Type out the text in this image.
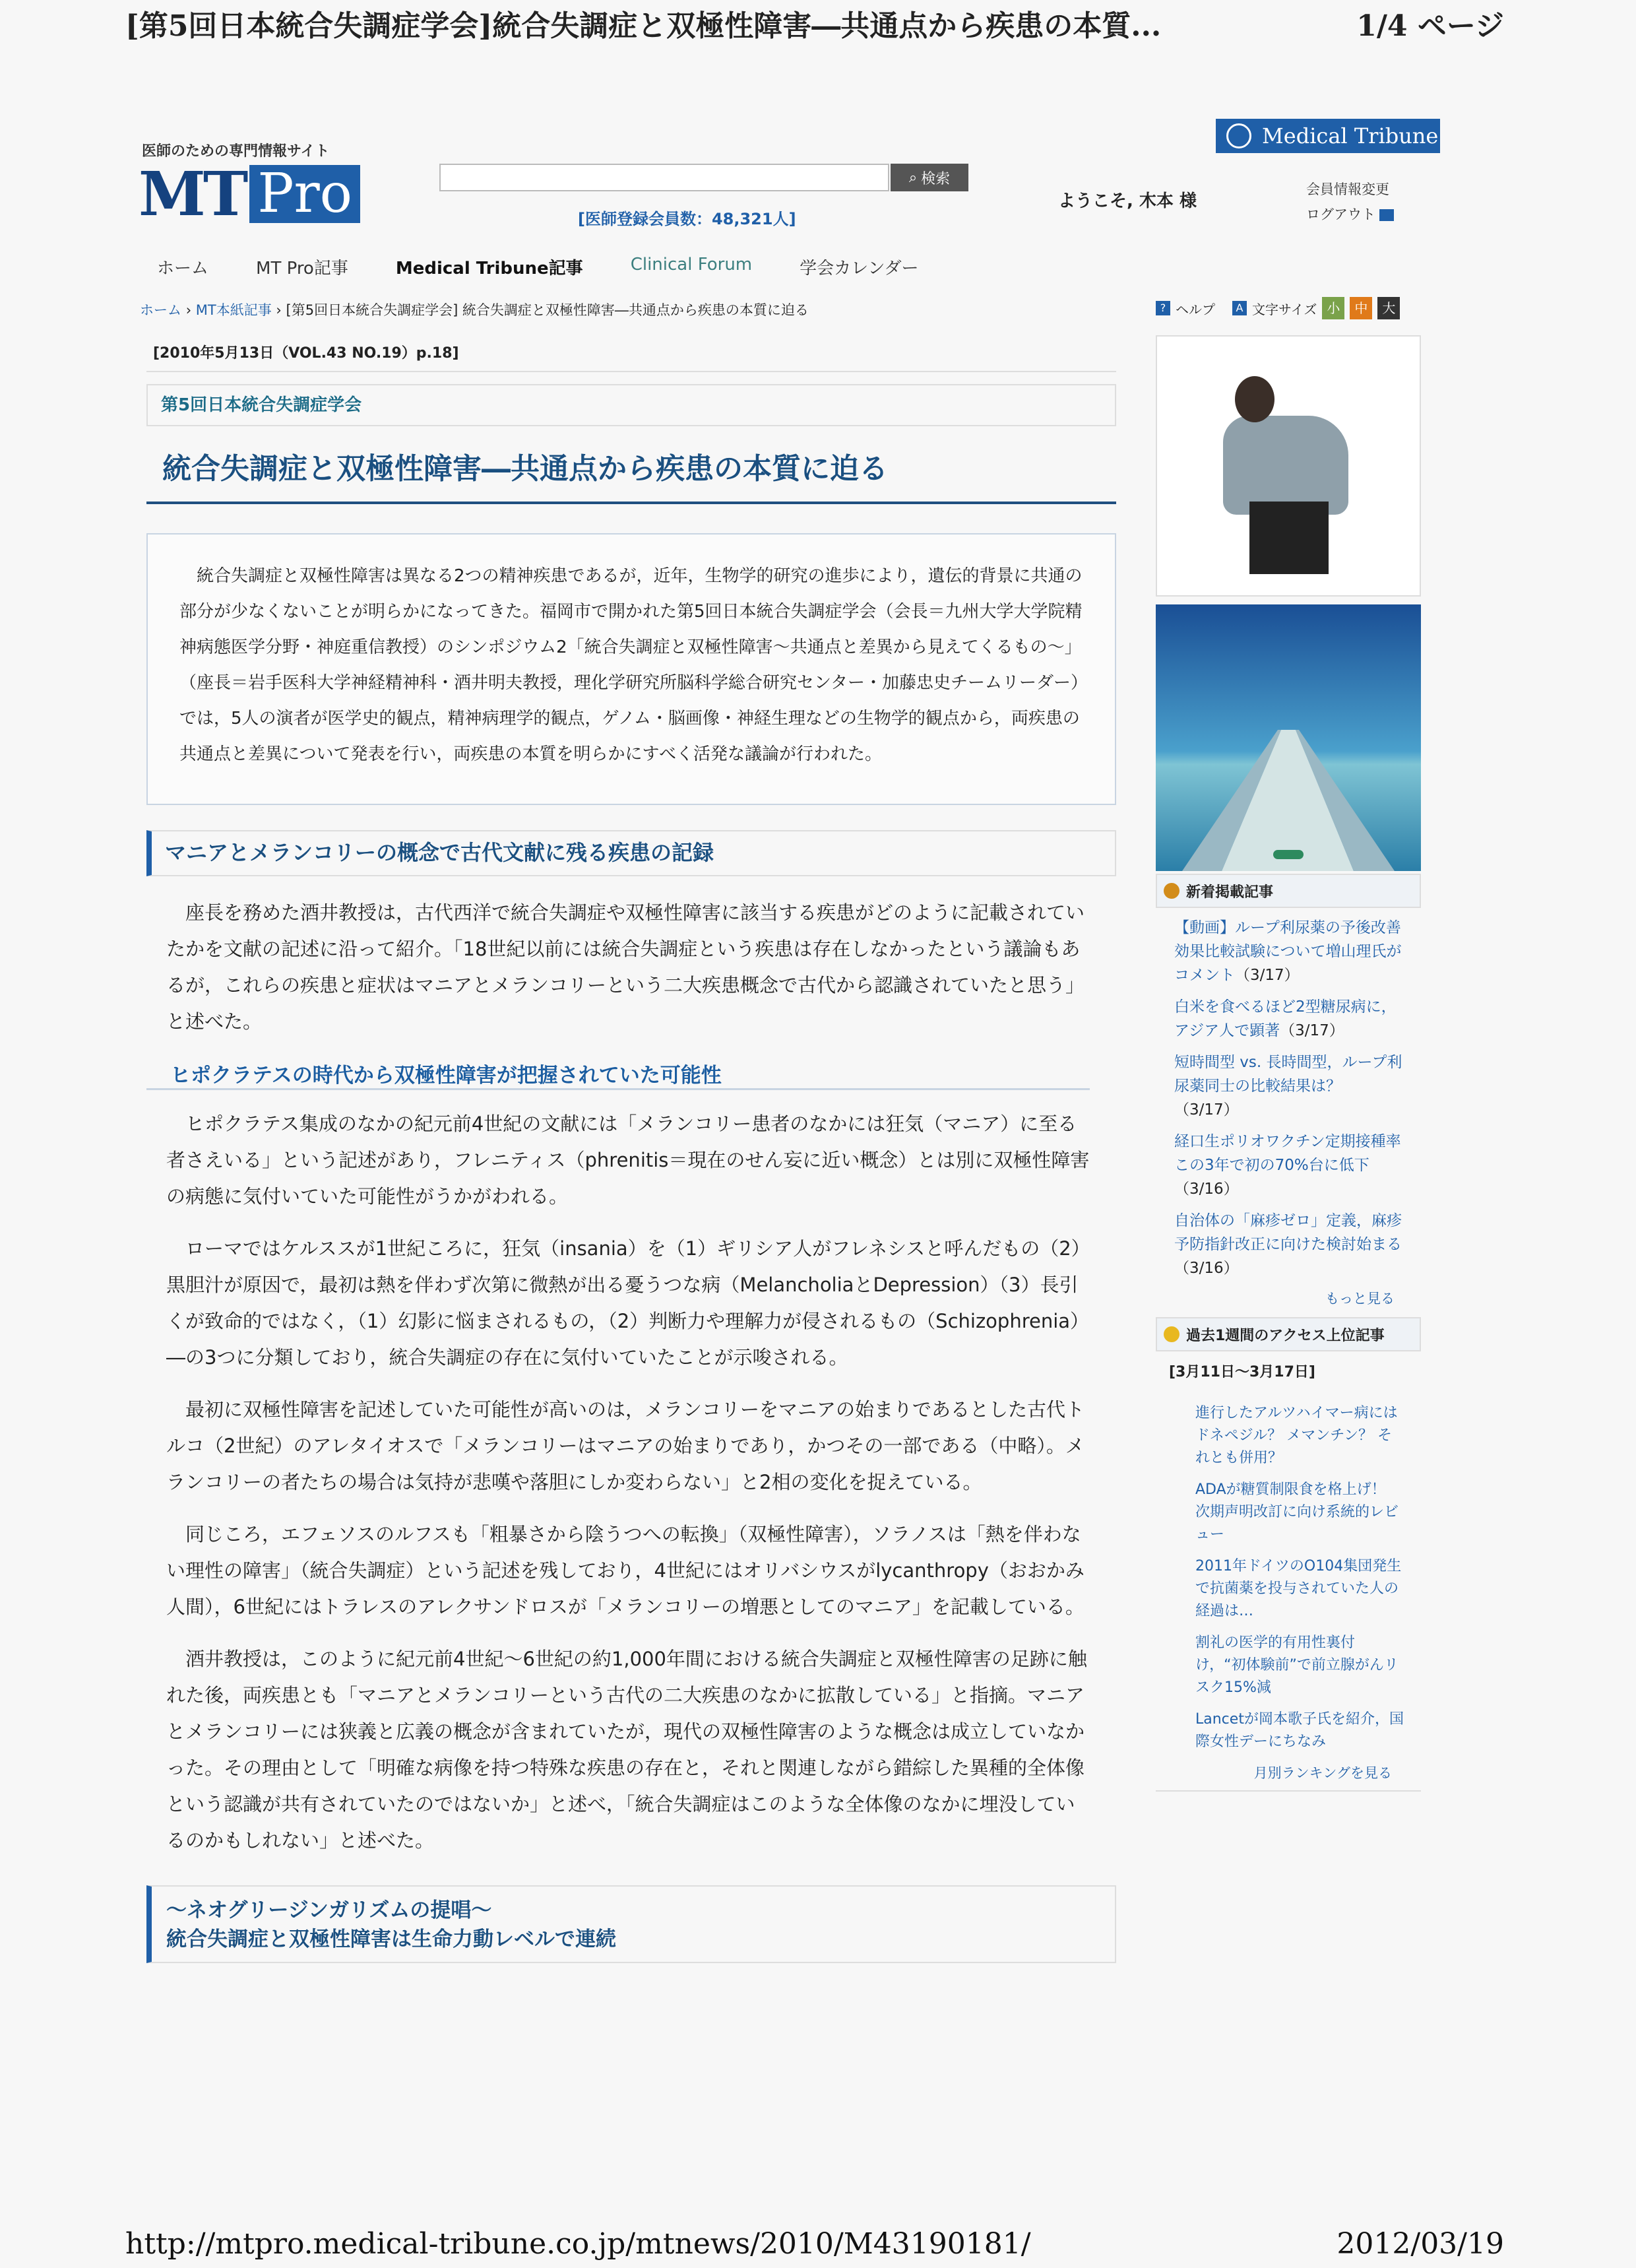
[第5回日本統合失調症学会]統合失調症と双極性障害―共通点から疾患の本質...	1/4 ページ
医師のための専門情報サイト
MT Pro
Medical Tribune
⌕ 検索
[医師登録会員数：48,321人]
ようこそ, 木本 様
会員情報変更
ログアウト
ホーム	MT Pro記事	Medical Tribune記事	Clinical Forum	学会カレンダー
ホーム › MT本紙記事 › [第5回日本統合失調症学会] 統合失調症と双極性障害―共通点から疾患の本質に迫る	? ヘルプ	A 文字サイズ 小	中	大
[2010年5月13日（VOL.43 NO.19）p.18]
第5回日本統合失調症学会
統合失調症と双極性障害―共通点から疾患の本質に迫る
統合失調症と双極性障害は異なる2つの精神疾患であるが，近年，生物学的研究の進歩により，遺伝的背景に共通の部分が少なくないことが明らかになってきた。福岡市で開かれた第5回日本統合失調症学会（会長＝九州大学大学院精神病態医学分野・神庭重信教授）のシンポジウム2「統合失調症と双極性障害～共通点と差異から見えてくるもの～」（座長＝岩手医科大学神経精神科・酒井明夫教授，理化学研究所脳科学総合研究センター・加藤忠史チームリーダー）では，5人の演者が医学史的観点，精神病理学的観点，ゲノム・脳画像・神経生理などの生物学的観点から，両疾患の共通点と差異について発表を行い，両疾患の本質を明らかにすべく活発な議論が行われた。
マニアとメランコリーの概念で古代文献に残る疾患の記録
座長を務めた酒井教授は，古代西洋で統合失調症や双極性障害に該当する疾患がどのように記載されていたかを文献の記述に沿って紹介。「18世紀以前には統合失調症という疾患は存在しなかったという議論もあるが，これらの疾患と症状はマニアとメランコリーという二大疾患概念で古代から認識されていたと思う」と述べた。
ヒポクラテスの時代から双極性障害が把握されていた可能性
ヒポクラテス集成のなかの紀元前4世紀の文献には「メランコリー患者のなかには狂気（マニア）に至る者さえいる」という記述があり，フレニティス（phrenitis＝現在のせん妄に近い概念）とは別に双極性障害の病態に気付いていた可能性がうかがわれる。
ローマではケルススが1世紀ころに，狂気（insania）を（1）ギリシア人がフレネシスと呼んだもの（2）黒胆汁が原因で，最初は熱を伴わず次第に微熱が出る憂うつな病（MelancholiaとDepression）（3）長引くが致命的ではなく，（1）幻影に悩まされるもの，（2）判断力や理解力が侵されるもの（Schizophrenia）―の3つに分類しており，統合失調症の存在に気付いていたことが示唆される。
最初に双極性障害を記述していた可能性が高いのは，メランコリーをマニアの始まりであるとした古代トルコ（2世紀）のアレタイオスで「メランコリーはマニアの始まりであり，かつその一部である（中略）。メランコリーの者たちの場合は気持が悲嘆や落胆にしか変わらない」と2相の変化を捉えている。
同じころ，エフェソスのルフスも「粗暴さから陰うつへの転換」（双極性障害），ソラノスは「熱を伴わない理性の障害」（統合失調症）という記述を残しており，4世紀にはオリバシウスがlycanthropy（おおかみ人間），6世紀にはトラレスのアレクサンドロスが「メランコリーの増悪としてのマニア」を記載している。
酒井教授は，このように紀元前4世紀～6世紀の約1,000年間における統合失調症と双極性障害の足跡に触れた後，両疾患とも「マニアとメランコリーという古代の二大疾患のなかに拡散している」と指摘。マニアとメランコリーには狭義と広義の概念が含まれていたが，現代の双極性障害のような概念は成立していなかった。その理由として「明確な病像を持つ特殊な疾患の存在と，それと関連しながら錯綜した異種的全体像という認識が共有されていたのではないか」と述べ，「統合失調症はこのような全体像のなかに埋没しているのかもしれない」と述べた。
～ネオグリージンガリズムの提唱～
統合失調症と双極性障害は生命力動レベルで連続
新着掲載記事
【動画】ループ利尿薬の予後改善効果比較試験について増山理氏がコメント（3/17）
白米を食べるほど2型糖尿病に，アジア人で顕著（3/17）
短時間型 vs. 長時間型，ループ利尿薬同士の比較結果は？（3/17）
経口生ポリオワクチン定期接種率この3年で初の70%台に低下（3/16）
自治体の「麻疹ゼロ」定義，麻疹予防指針改正に向けた検討始まる（3/16）
もっと見る
過去1週間のアクセス上位記事
[3月11日～3月17日]
進行したアルツハイマー病にはドネペジル？ メマンチン？ それとも併用？
ADAが糖質制限食を格上げ！ 次期声明改訂に向け系統的レビュー
2011年ドイツのO104集団発生で抗菌薬を投与されていた人の経過は…
割礼の医学的有用性裏付け，“初体験前”で前立腺がんリスク15%減
Lancetが岡本歌子氏を紹介，国際女性デーにちなみ
月別ランキングを見る
http://mtpro.medical-tribune.co.jp/mtnews/2010/M43190181/	2012/03/19
